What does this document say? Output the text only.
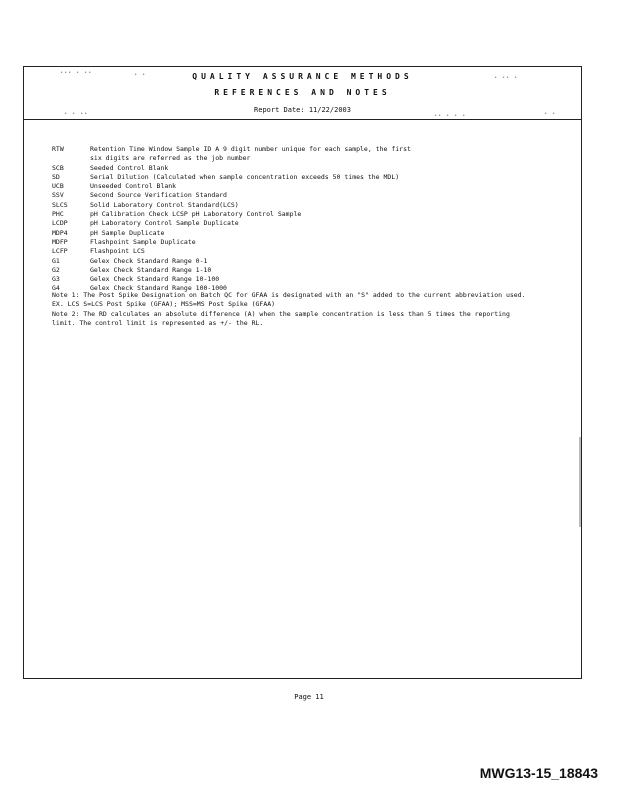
∙∙∙ ∙ ∙∙	∙ ∙	∙ ∙∙ ∙
∙ ∙ ∙∙	∙∙ ∙ ∙ ∙	∙ ∙
QUALITY ASSURANCE METHODS
REFERENCES AND NOTES
Report Date: 11/22/2003
RTW	Retention Time Window Sample ID A 9 digit number unique for each sample, the first
six digits are referred as the job number
SCB	Seeded Control Blank
SD	Serial Dilution (Calculated when sample concentration exceeds 50 times the MDL)
UCB	Unseeded Control Blank
SSV	Second Source Verification Standard
SLCS	Solid Laboratory Control Standard(LCS)
PHC	pH Calibration Check LCSP pH Laboratory Control Sample
LCDP	pH Laboratory Control Sample Duplicate
MDP4	pH Sample Duplicate
MDFP	Flashpoint Sample Duplicate
LCFP	Flashpoint LCS
G1	Gelex Check Standard Range 0-1
G2	Gelex Check Standard Range 1-10
G3	Gelex Check Standard Range 10-100
G4	Gelex Check Standard Range 100-1000
Note 1: The Post Spike Designation on Batch QC for GFAA is designated with an "S" added to the current abbreviation used. EX. LCS S=LCS Post Spike (GFAA); MSS=MS Post Spike (GFAA)
Note 2: The RD calculates an absolute difference (A) when the sample concentration is less than 5 times the reporting limit. The control limit is represented as +/- the RL.
Page 11
MWG13-15_18843
